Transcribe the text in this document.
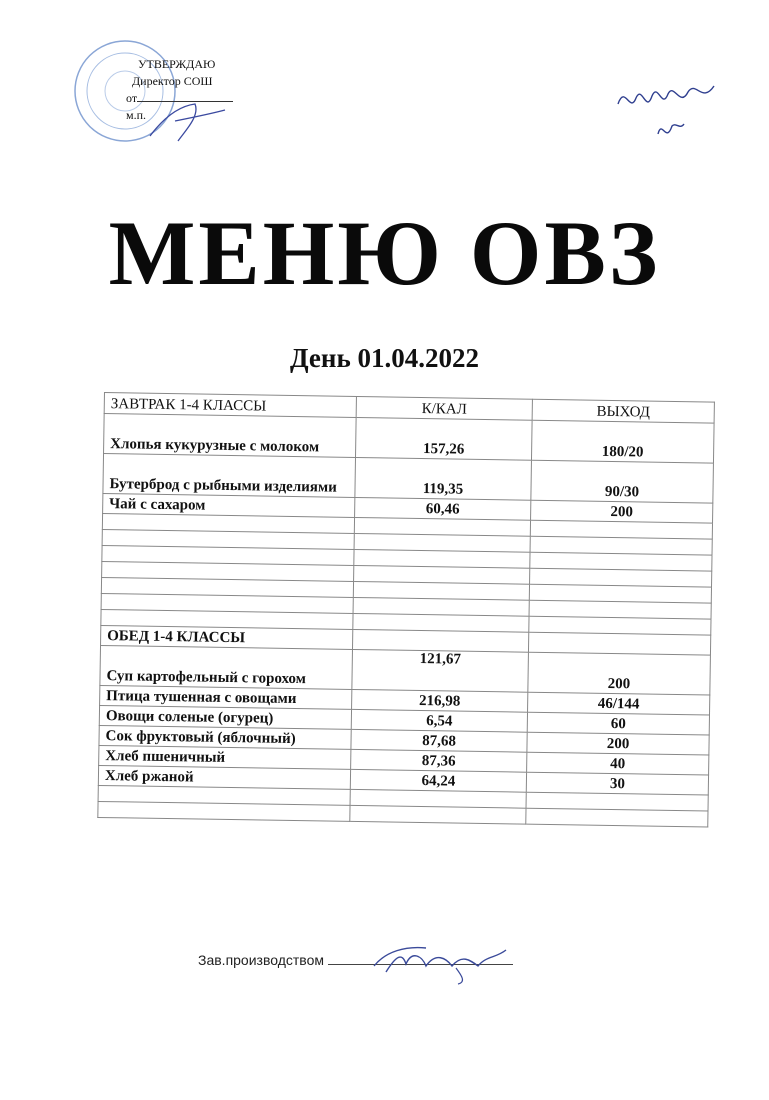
УТВЕРЖДАЮ
Директор СОШ
от
м.п.
МЕНЮ ОВЗ
День 01.04.2022
ЗАВТРАК 1-4 КЛАССЫ	К/КАЛ	ВЫХОД
Хлопья кукурузные с молоком	157,26	180/20
Бутерброд с рыбными изделиями	119,35	90/30
Чай с сахаром	60,46	200

ОБЕД 1-4 КЛАССЫ		
Суп картофельный с горохом	121,67	200
Птица тушенная с овощами	216,98	46/144
Овощи соленые (огурец)	6,54	60
Сок фруктовый (яблочный)	87,68	200
Хлеб пшеничный	87,36	40
Хлеб ржаной	64,24	30

Зав.производством
